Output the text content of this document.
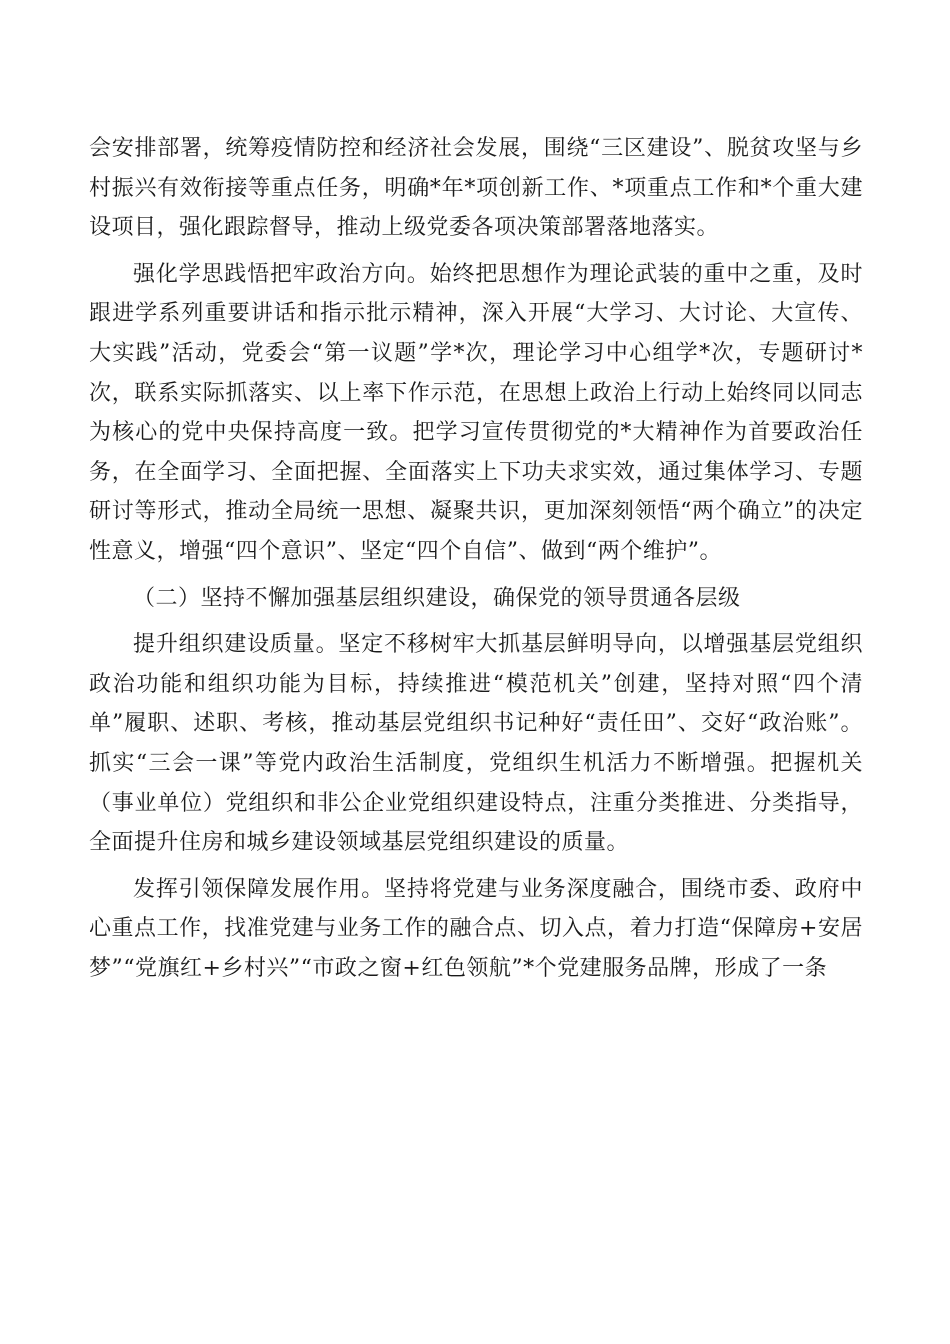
会安排部署，统筹疫情防控和经济社会发展，围绕“三区建设”、脱贫攻坚与乡村振兴有效衔接等重点任务，明确*年*项创新工作、*项重点工作和*个重大建设项目，强化跟踪督导，推动上级党委各项决策部署落地落实。

强化学思践悟把牢政治方向。始终把思想作为理论武装的重中之重，及时跟进学系列重要讲话和指示批示精神，深入开展“大学习、大讨论、大宣传、大实践”活动，党委会“第一议题”学*次，理论学习中心组学*次，专题研讨*次，联系实际抓落实、以上率下作示范，在思想上政治上行动上始终同以同志为核心的党中央保持高度一致。把学习宣传贯彻党的*大精神作为首要政治任务，在全面学习、全面把握、全面落实上下功夫求实效，通过集体学习、专题研讨等形式，推动全局统一思想、凝聚共识，更加深刻领悟“两个确立”的决定性意义，增强“四个意识”、坚定“四个自信”、做到“两个维护”。

（二）坚持不懈加强基层组织建设，确保党的领导贯通各层级

提升组织建设质量。坚定不移树牢大抓基层鲜明导向，以增强基层党组织政治功能和组织功能为目标，持续推进“模范机关”创建，坚持对照“四个清单”履职、述职、考核，推动基层党组织书记种好“责任田”、交好“政治账”。抓实“三会一课”等党内政治生活制度，党组织生机活力不断增强。把握机关（事业单位）党组织和非公企业党组织建设特点，注重分类推进、分类指导，全面提升住房和城乡建设领域基层党组织建设的质量。

发挥引领保障发展作用。坚持将党建与业务深度融合，围绕市委、政府中心重点工作，找准党建与业务工作的融合点、切入点，着力打造“保障房+安居梦”“党旗红+乡村兴”“市政之窗+红色领航”*个党建服务品牌，形成了一条
